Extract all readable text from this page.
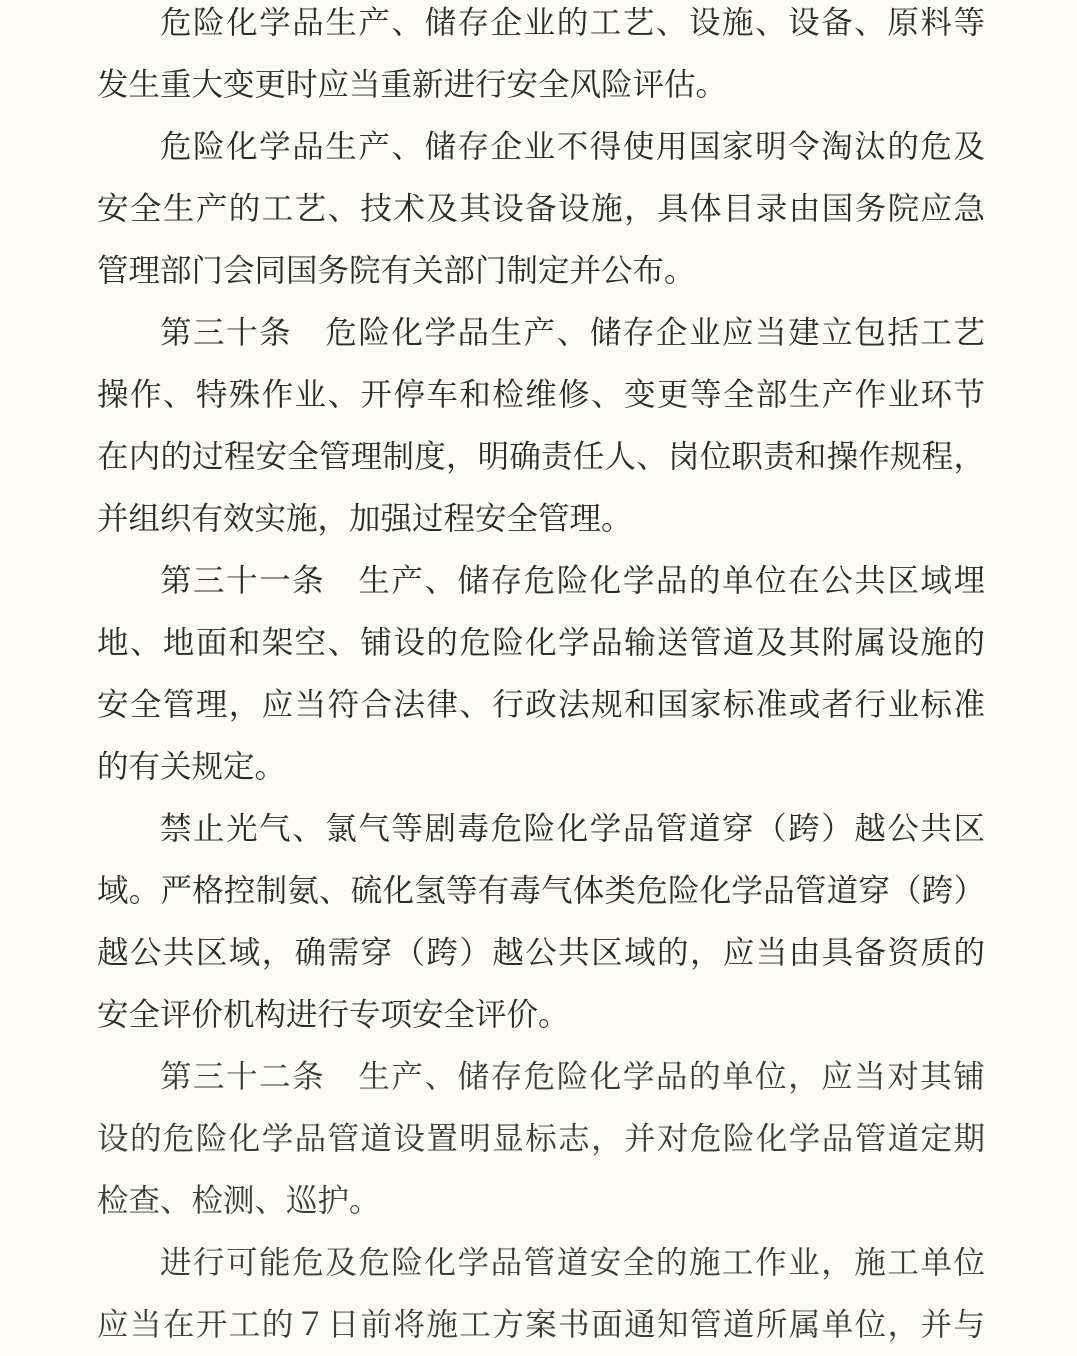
危险化学品生产、储存企业的工艺、设施、设备、原料等
发生重大变更时应当重新进行安全风险评估。
危险化学品生产、储存企业不得使用国家明令淘汰的危及
安全生产的工艺、技术及其设备设施，具体目录由国务院应急
管理部门会同国务院有关部门制定并公布。
第三十条　危险化学品生产、储存企业应当建立包括工艺
操作、特殊作业、开停车和检维修、变更等全部生产作业环节
在内的过程安全管理制度，明确责任人、岗位职责和操作规程，
并组织有效实施，加强过程安全管理。
第三十一条　生产、储存危险化学品的单位在公共区域埋
地、地面和架空、铺设的危险化学品输送管道及其附属设施的
安全管理，应当符合法律、行政法规和国家标准或者行业标准
的有关规定。
禁止光气、氯气等剧毒危险化学品管道穿（跨）越公共区
域。严格控制氨、硫化氢等有毒气体类危险化学品管道穿（跨）
越公共区域，确需穿（跨）越公共区域的，应当由具备资质的
安全评价机构进行专项安全评价。
第三十二条　生产、储存危险化学品的单位，应当对其铺
设的危险化学品管道设置明显标志，并对危险化学品管道定期
检查、检测、巡护。
进行可能危及危险化学品管道安全的施工作业，施工单位
应当在开工的７日前将施工方案书面通知管道所属单位，并与
